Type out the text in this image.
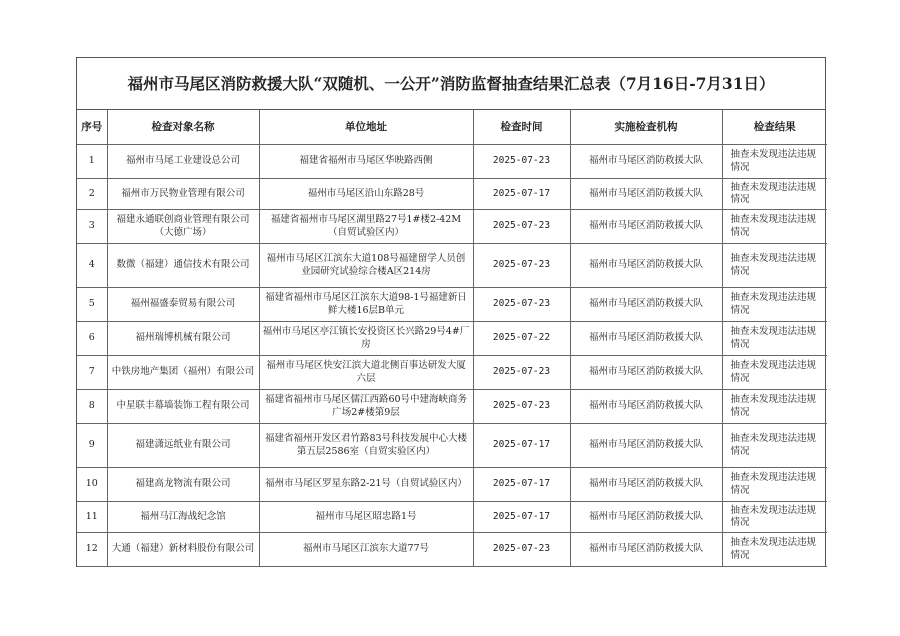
福州市马尾区消防救援大队“双随机、一公开”消防监督抽查结果汇总表（7月16日-7月31日）
序号	检查对象名称	单位地址	检查时间	实施检查机构	检查结果
1	福州市马尾工业建设总公司	福建省福州市马尾区华映路西侧	2025-07-23	福州市马尾区消防救援大队	抽查未发现违法违规情况
2	福州市万民物业管理有限公司	福州市马尾区沿山东路28号	2025-07-17	福州市马尾区消防救援大队	抽查未发现违法违规情况
3	福建永通联创商业管理有限公司（大德广场）	福建省福州市马尾区湖里路27号1#楼2-42M（自贸试验区内）	2025-07-23	福州市马尾区消防救援大队	抽查未发现违法违规情况
4	数微（福建）通信技术有限公司	福州市马尾区江滨东大道108号福建留学人员创业园研究试验综合楼A区214房	2025-07-23	福州市马尾区消防救援大队	抽查未发现违法违规情况
5	福州福盛泰贸易有限公司	福建省福州市马尾区江滨东大道98-1号福建新日鲜大楼16层B单元	2025-07-23	福州市马尾区消防救援大队	抽查未发现违法违规情况
6	福州瑞博机械有限公司	福州市马尾区亭江镇长安投资区长兴路29号4#厂房	2025-07-22	福州市马尾区消防救援大队	抽查未发现违法违规情况
7	中铁房地产集团（福州）有限公司	福州市马尾区快安江滨大道北侧百事达研发大厦六层	2025-07-23	福州市马尾区消防救援大队	抽查未发现违法违规情况
8	中星联丰幕墙装饰工程有限公司	福建省福州市马尾区儒江西路60号中建海峡商务广场2#楼第9层	2025-07-23	福州市马尾区消防救援大队	抽查未发现违法违规情况
9	福建潇远纸业有限公司	福建省福州开发区君竹路83号科技发展中心大楼第五层2586室（自贸实验区内）	2025-07-17	福州市马尾区消防救援大队	抽查未发现违法违规情况
10	福建高龙物流有限公司	福州市马尾区罗星东路2-21号（自贸试验区内）	2025-07-17	福州市马尾区消防救援大队	抽查未发现违法违规情况
11	福州马江海战纪念馆	福州市马尾区昭忠路1号	2025-07-17	福州市马尾区消防救援大队	抽查未发现违法违规情况
12	大通（福建）新材料股份有限公司	福州市马尾区江滨东大道77号	2025-07-23	福州市马尾区消防救援大队	抽查未发现违法违规情况
